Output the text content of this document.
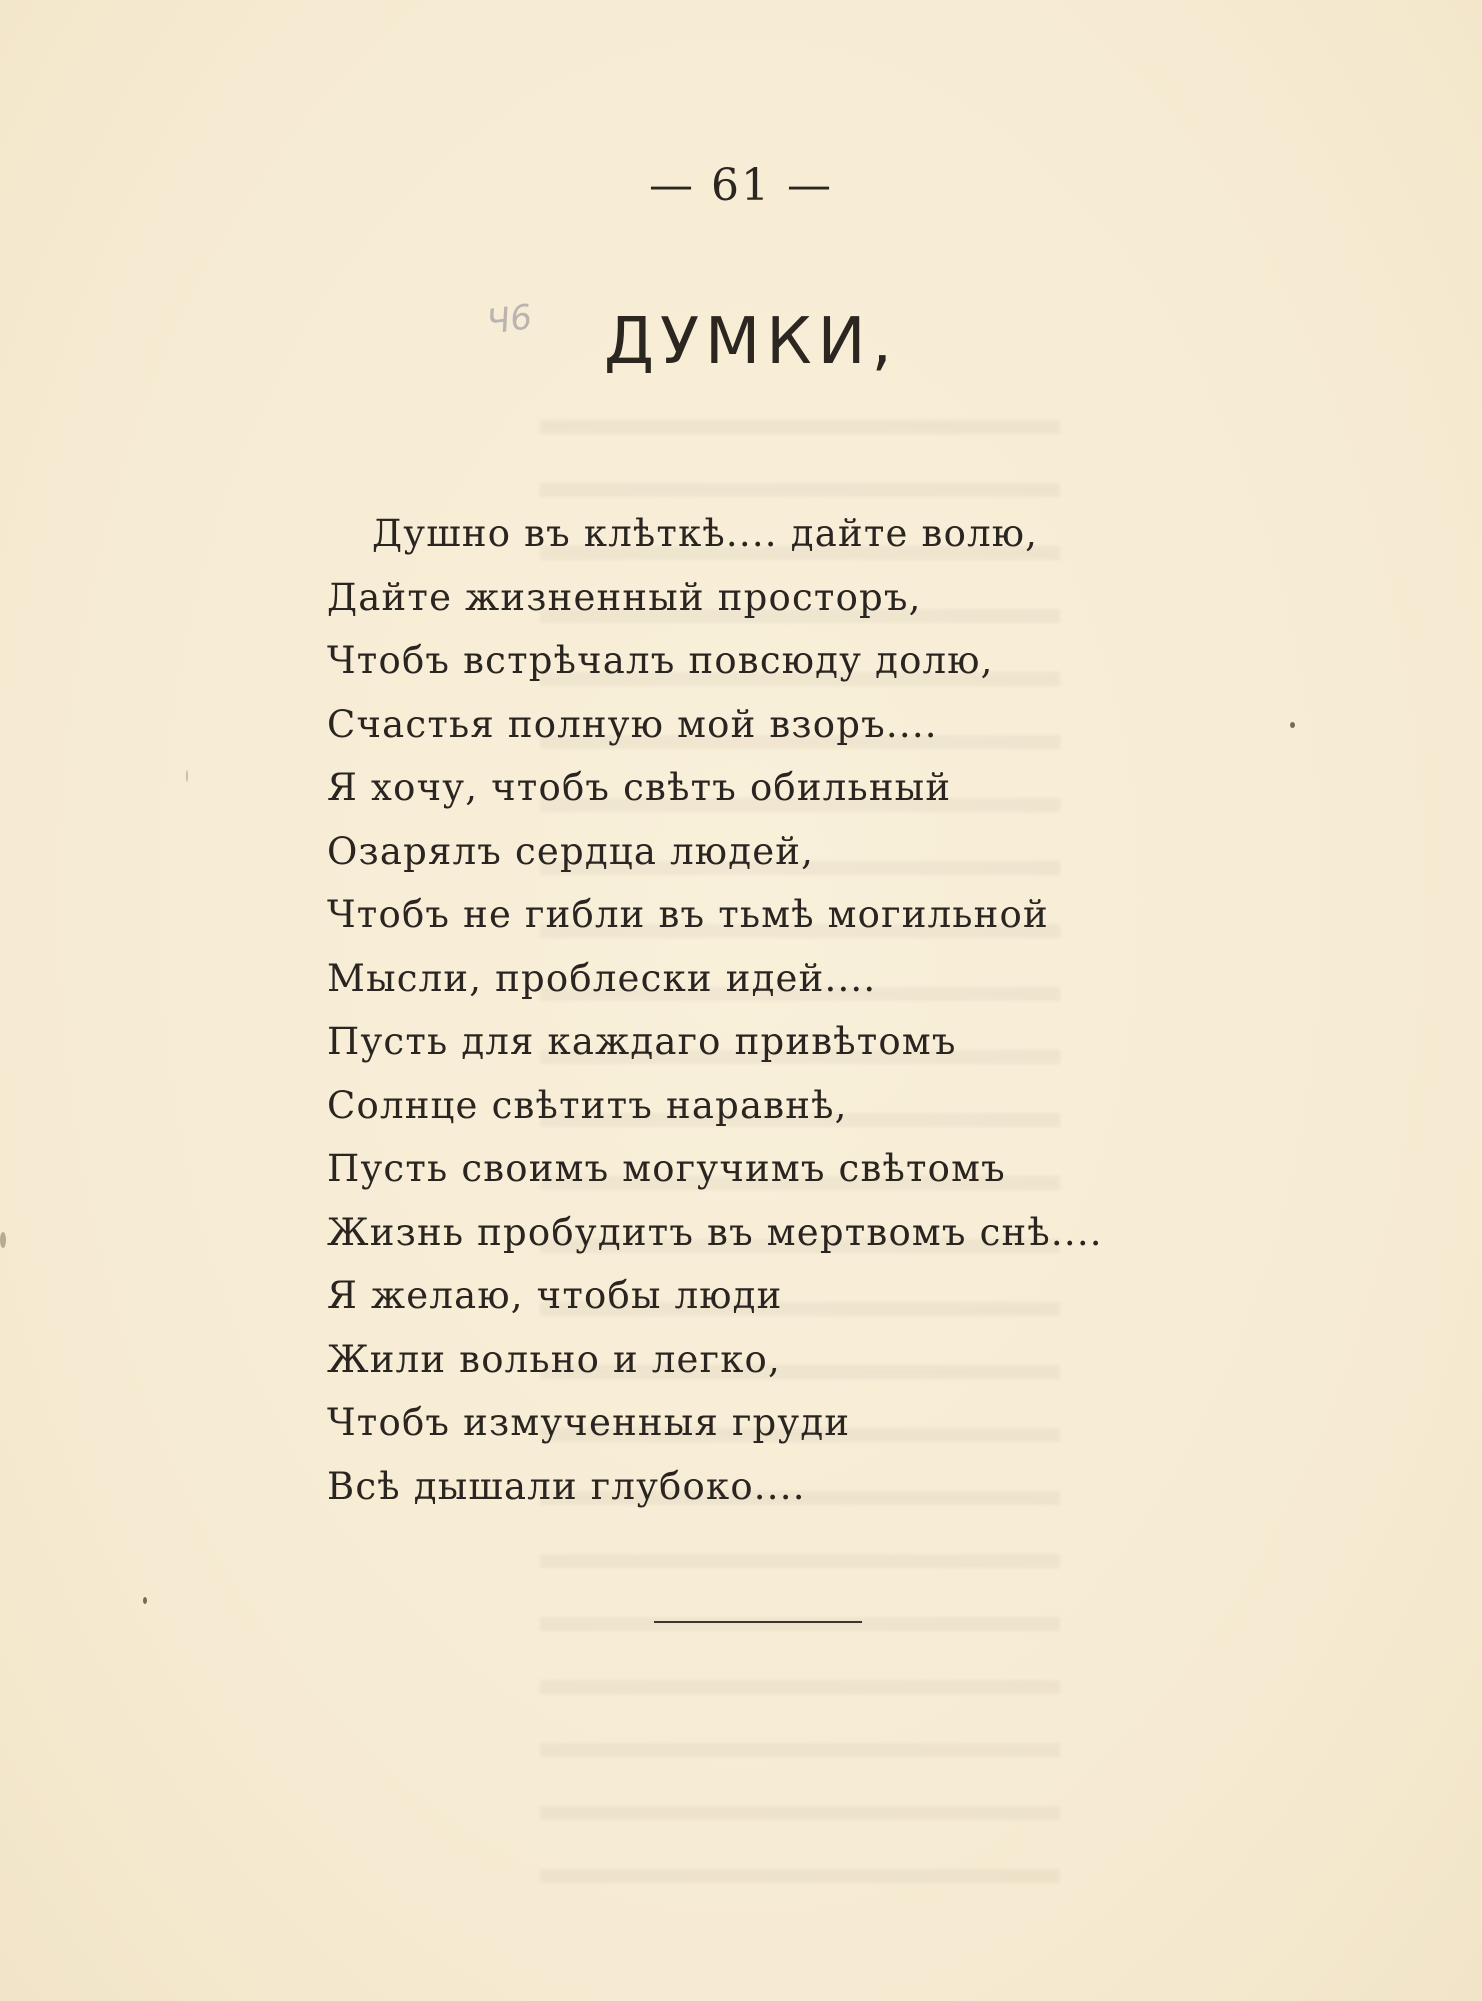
— 61 —
Ч6 ДУМКИ,
Душно въ клѣткѣ.... дайте волю,
Дайте жизненный просторъ,
Чтобъ встрѣчалъ повсюду долю,
Счастья полную мой взоръ....
Я хочу, чтобъ свѣтъ обильный
Озарялъ сердца людей,
Чтобъ не гибли въ тьмѣ могильной
Мысли, проблески идей....
Пусть для каждаго привѣтомъ
Солнце свѣтитъ наравнѣ,
Пусть своимъ могучимъ свѣтомъ
Жизнь пробудитъ въ мертвомъ снѣ....
Я желаю, чтобы люди
Жили вольно и легко,
Чтобъ измученныя груди
Всѣ дышали глубоко....
